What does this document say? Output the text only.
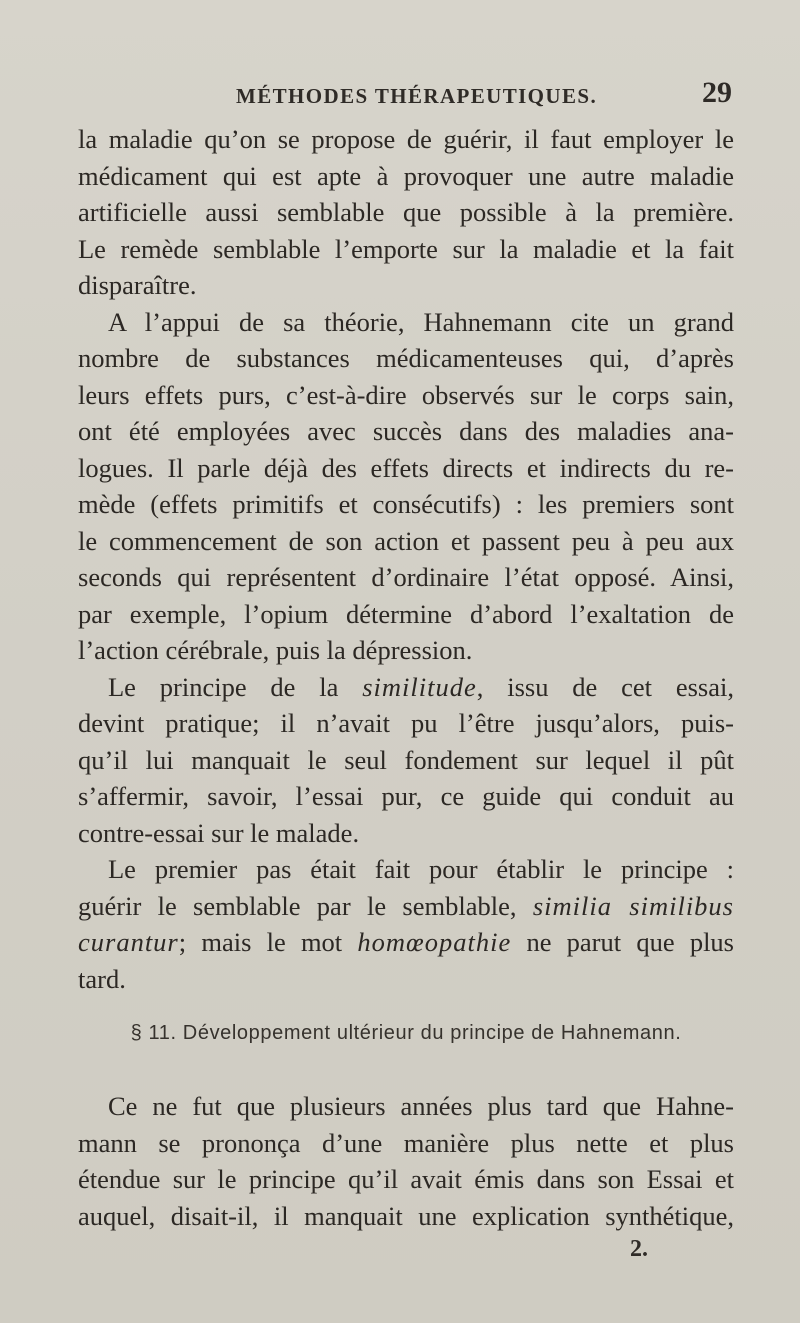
MÉTHODES THÉRAPEUTIQUES.	29
la maladie qu’on se propose de guérir, il faut employer le
médicament qui est apte à provoquer une autre maladie
artificielle aussi semblable que possible à la première.
Le remède semblable l’emporte sur la maladie et la fait
disparaître.
A l’appui de sa théorie, Hahnemann cite un grand
nombre de substances médicamenteuses qui, d’après
leurs effets purs, c’est-à-dire observés sur le corps sain,
ont été employées avec succès dans des maladies ana-
logues. Il parle déjà des effets directs et indirects du re-
mède (effets primitifs et consécutifs) : les premiers sont
le commencement de son action et passent peu à peu aux
seconds qui représentent d’ordinaire l’état opposé. Ainsi,
par exemple, l’opium détermine d’abord l’exaltation de
l’action cérébrale, puis la dépression.
Le principe de la similitude, issu de cet essai,
devint pratique; il n’avait pu l’être jusqu’alors, puis-
qu’il lui manquait le seul fondement sur lequel il pût
s’affermir, savoir, l’essai pur, ce guide qui conduit au
contre-essai sur le malade.
Le premier pas était fait pour établir le principe :
guérir le semblable par le semblable, similia similibus
curantur; mais le mot homœopathie ne parut que plus
tard.
§ 11. Développement ultérieur du principe de Hahnemann.
Ce ne fut que plusieurs années plus tard que Hahne-
mann se prononça d’une manière plus nette et plus
étendue sur le principe qu’il avait émis dans son Essai et
auquel, disait-il, il manquait une explication synthétique,
2.
